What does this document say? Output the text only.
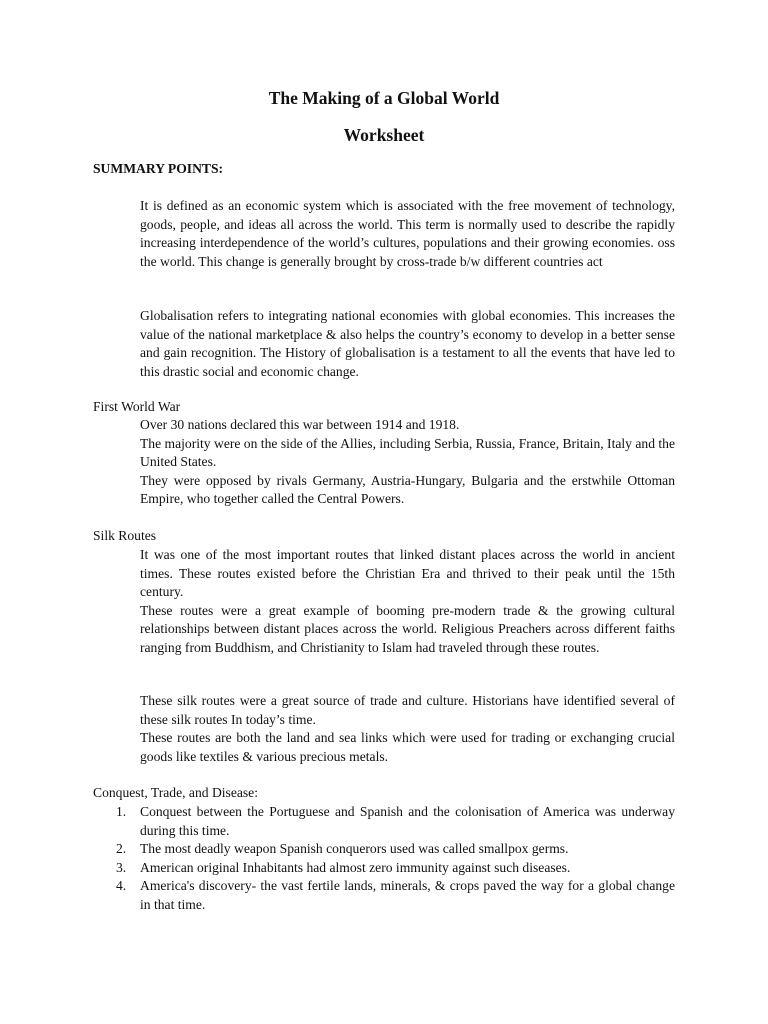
The Making of a Global World
Worksheet
SUMMARY POINTS:

It is defined as an economic system which is associated with the free movement of technology, goods, people, and ideas all across the world. This term is normally used to describe the rapidly increasing interdependence of the world’s cultures, populations and their growing economies. oss the world. This change is generally brought by cross-trade b/w different countries act

Globalisation refers to integrating national economies with global economies. This increases the value of the national marketplace & also helps the country’s economy to develop in a better sense and gain recognition. The History of globalisation is a testament to all the events that have led to this drastic social and economic change.

First World War

Over 30 nations declared this war between 1914 and 1918.

The majority were on the side of the Allies, including Serbia, Russia, France, Britain, Italy and the United States.

They were opposed by rivals Germany, Austria-Hungary, Bulgaria and the erstwhile Ottoman Empire, who together called the Central Powers.

Silk Routes

It was one of the most important routes that linked distant places across the world in ancient times. These routes existed before the Christian Era and thrived to their peak until the 15th century.

These routes were a great example of booming pre-modern trade & the growing cultural relationships between distant places across the world. Religious Preachers across different faiths ranging from Buddhism, and Christianity to Islam had traveled through these routes.

These silk routes were a great source of trade and culture. Historians have identified several of these silk routes In today’s time.

These routes are both the land and sea links which were used for trading or exchanging crucial goods like textiles & various precious metals.

Conquest, Trade, and Disease:
1. Conquest between the Portuguese and Spanish and the colonisation of America was underway during this time.
2. The most deadly weapon Spanish conquerors used was called smallpox germs.
3. American original Inhabitants had almost zero immunity against such diseases.
4. America's discovery- the vast fertile lands, minerals, & crops paved the way for a global change in that time.
